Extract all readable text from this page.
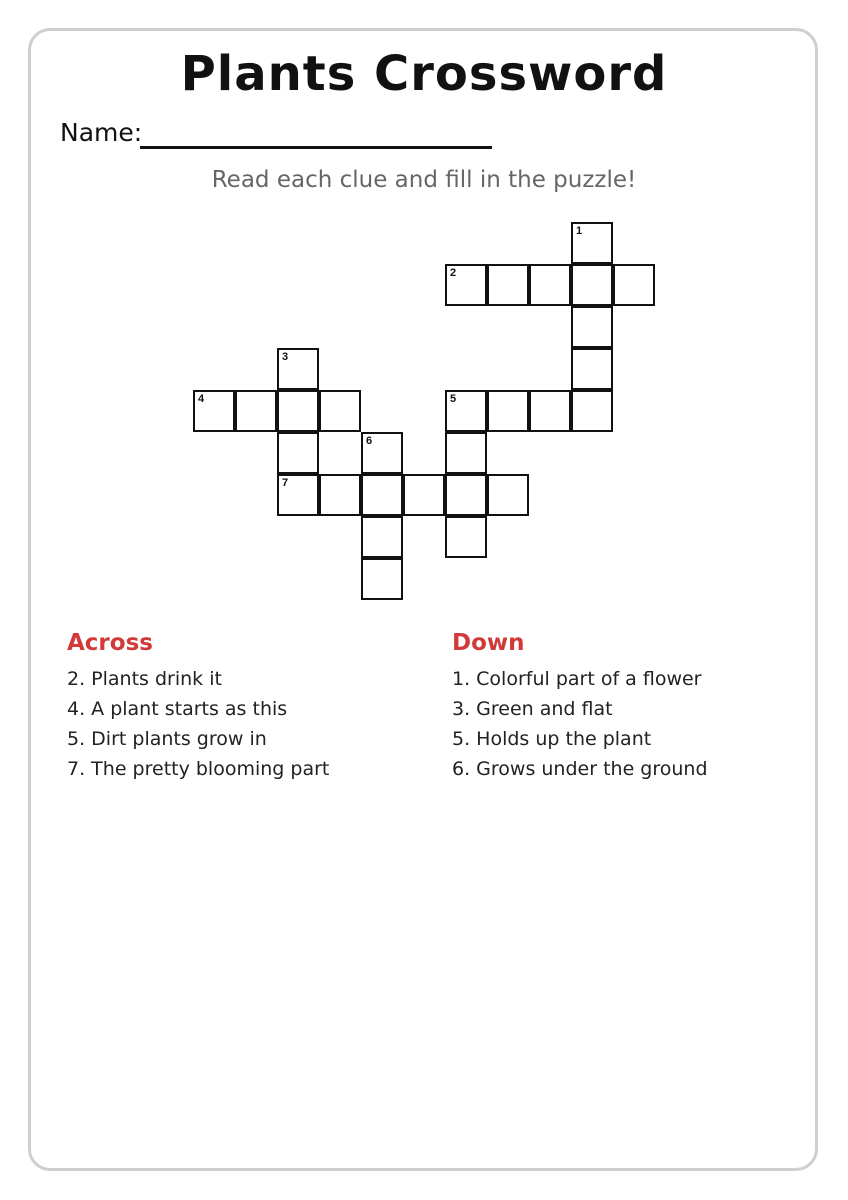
Plants Crossword
Name:
Read each clue and fill in the puzzle!
1
2
3
4	5
6
7
Across
2. Plants drink it
4. A plant starts as this
5. Dirt plants grow in
7. The pretty blooming part
Down
1. Colorful part of a flower
3. Green and flat
5. Holds up the plant
6. Grows under the ground
